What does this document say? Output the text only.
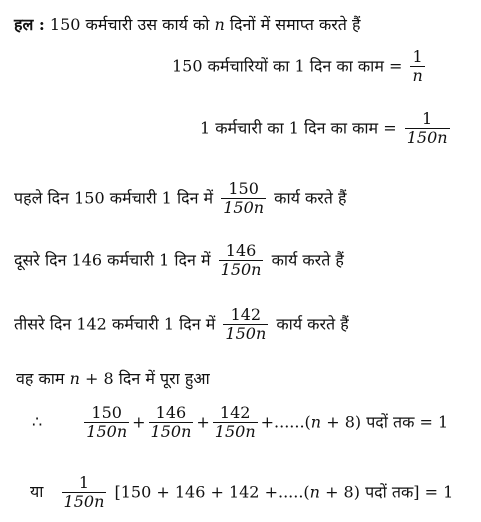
हल : 150 कर्मचारी उस कार्य को n दिनों में समाप्त करते हैं
150 कर्मचारियों का 1 दिन का काम = $\frac{1}{n}$
1 कर्मचारी का 1 दिन का काम = $\frac{1}{150n}$
पहले दिन 150 कर्मचारी 1 दिन में $\frac{150}{150n}$ कार्य करते हैं
दूसरे दिन 146 कर्मचारी 1 दिन में $\frac{146}{150n}$ कार्य करते हैं
तीसरे दिन 142 कर्मचारी 1 दिन में $\frac{142}{150n}$ कार्य करते हैं
वह काम n + 8 दिन में पूरा हुआ
∴	$\frac{150}{150n} + \frac{146}{150n} + \frac{142}{150n} +......(n + 8)$ पदों तक = 1
या $\frac{1}{150n} [150 + 146 + 142 +.....(n + 8)$ पदों तक] = 1
